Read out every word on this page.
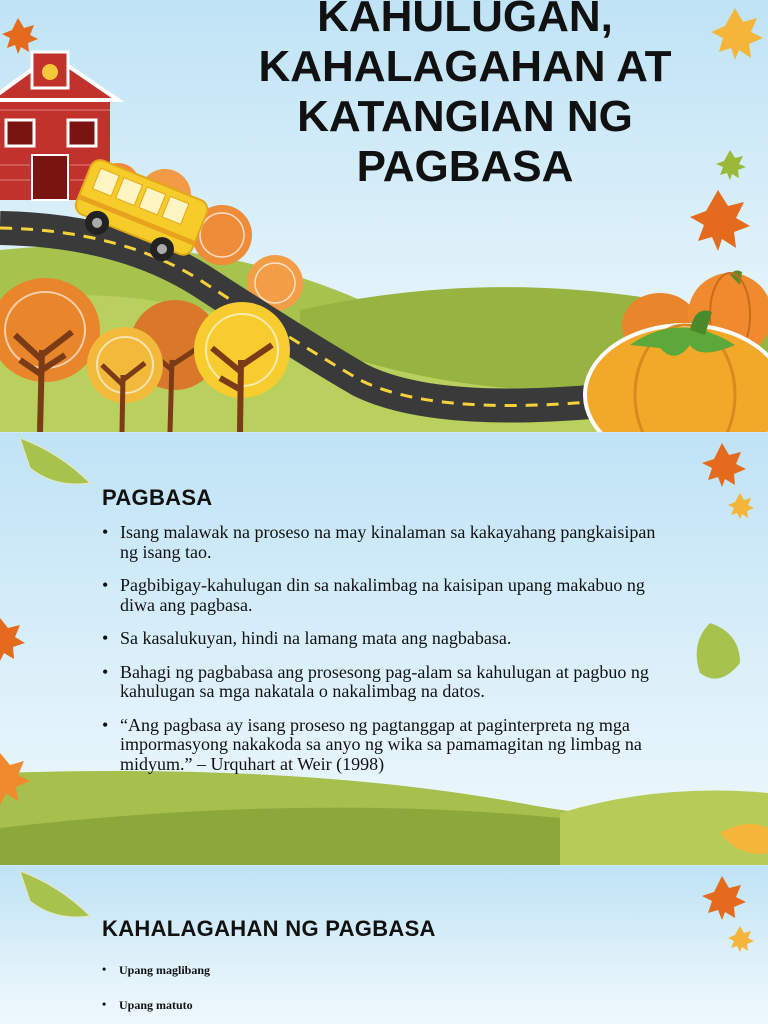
KAHULUGAN,
KAHALAGAHAN AT
KATANGIAN NG PAGBASA
PAGBASA
• Isang malawak na proseso na may kinalaman sa kakayahang pangkaisipan ng isang tao.
• Pagbibigay-kahulugan din sa nakalimbag na kaisipan upang makabuo ng diwa ang pagbasa.
• Sa kasalukuyan, hindi na lamang mata ang nagbabasa.
• Bahagi ng pagbabasa ang prosesong pag-alam sa kahulugan at pagbuo ng kahulugan sa mga nakatala o nakalimbag na datos.
• “Ang pagbasa ay isang proseso ng pagtanggap at paginterpreta ng mga impormasyong nakakoda sa anyo ng wika sa pamamagitan ng limbag na midyum.” – Urquhart at Weir (1998)
KAHALAGAHAN NG PAGBASA
• Upang maglibang
• Upang matuto
